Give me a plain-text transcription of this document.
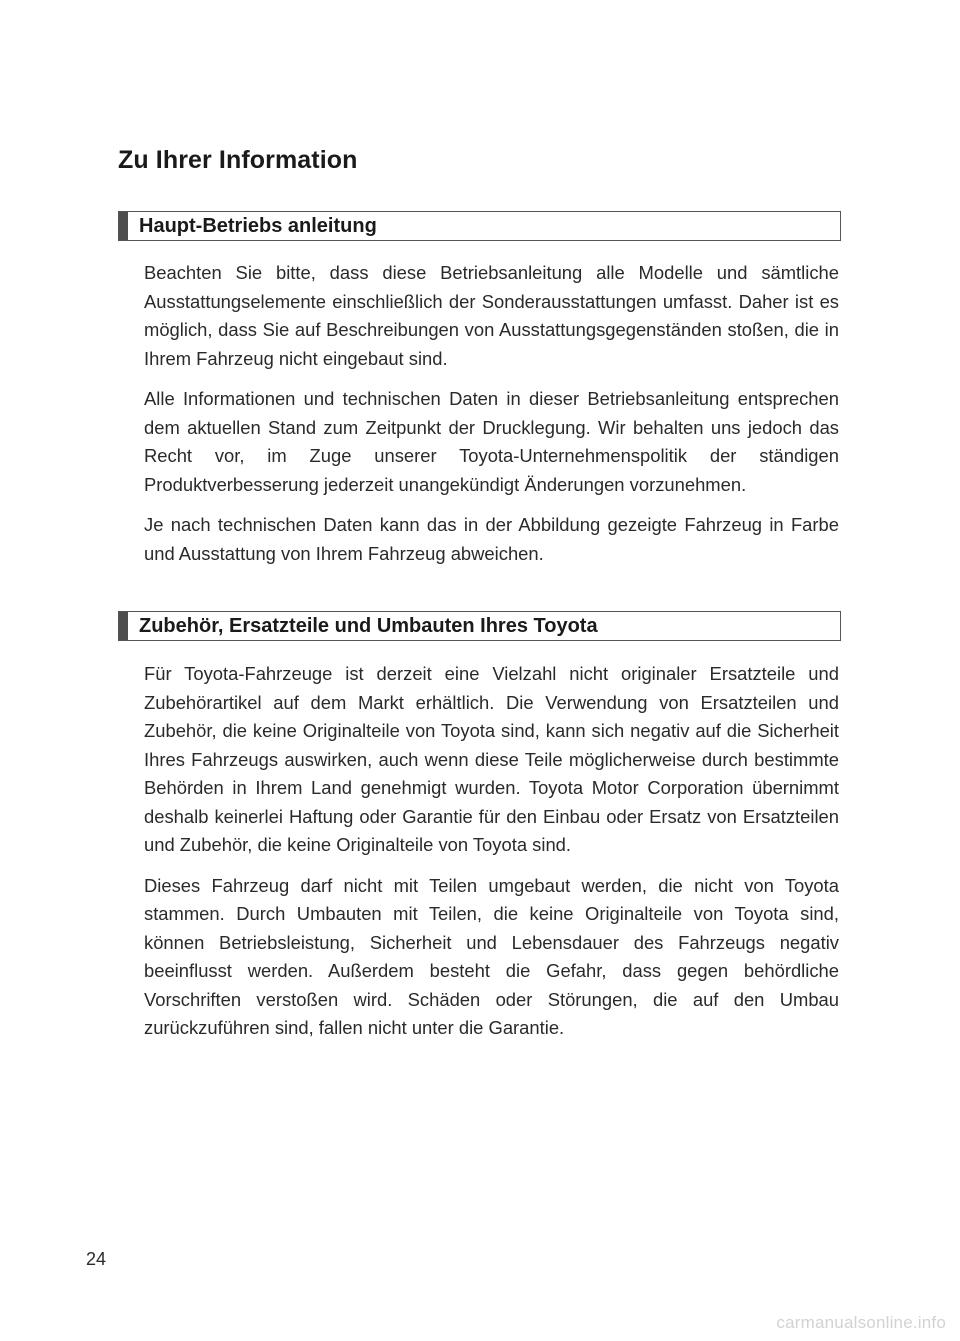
Zu Ihrer Information
Haupt-Betriebs anleitung

Beachten Sie bitte, dass diese Betriebsanleitung alle Modelle und sämtliche Ausstattungselemente einschließlich der Sonderausstattungen umfasst. Daher ist es möglich, dass Sie auf Beschreibungen von Ausstattungsgegenständen stoßen, die in Ihrem Fahrzeug nicht eingebaut sind.

Alle Informationen und technischen Daten in dieser Betriebsanleitung entsprechen dem aktuellen Stand zum Zeitpunkt der Drucklegung. Wir behalten uns jedoch das Recht vor, im Zuge unserer Toyota-Unternehmenspolitik der ständigen Produktverbesserung jederzeit unangekündigt Änderungen vorzunehmen.

Je nach technischen Daten kann das in der Abbildung gezeigte Fahrzeug in Farbe und Ausstattung von Ihrem Fahrzeug abweichen.

Zubehör, Ersatzteile und Umbauten Ihres Toyota

Für Toyota-Fahrzeuge ist derzeit eine Vielzahl nicht originaler Ersatzteile und Zubehörartikel auf dem Markt erhältlich. Die Verwendung von Ersatzteilen und Zubehör, die keine Originalteile von Toyota sind, kann sich negativ auf die Sicherheit Ihres Fahrzeugs auswirken, auch wenn diese Teile möglicherweise durch bestimmte Behörden in Ihrem Land genehmigt wurden. Toyota Motor Corporation übernimmt deshalb keinerlei Haftung oder Garantie für den Einbau oder Ersatz von Ersatzteilen und Zubehör, die keine Originalteile von Toyota sind.

Dieses Fahrzeug darf nicht mit Teilen umgebaut werden, die nicht von Toyota stammen. Durch Umbauten mit Teilen, die keine Originalteile von Toyota sind, können Betriebsleistung, Sicherheit und Lebensdauer des Fahrzeugs negativ beeinflusst werden. Außerdem besteht die Gefahr, dass gegen behördliche Vorschriften verstoßen wird. Schäden oder Störungen, die auf den Umbau zurückzuführen sind, fallen nicht unter die Garantie.

24
carmanualsonline.info
